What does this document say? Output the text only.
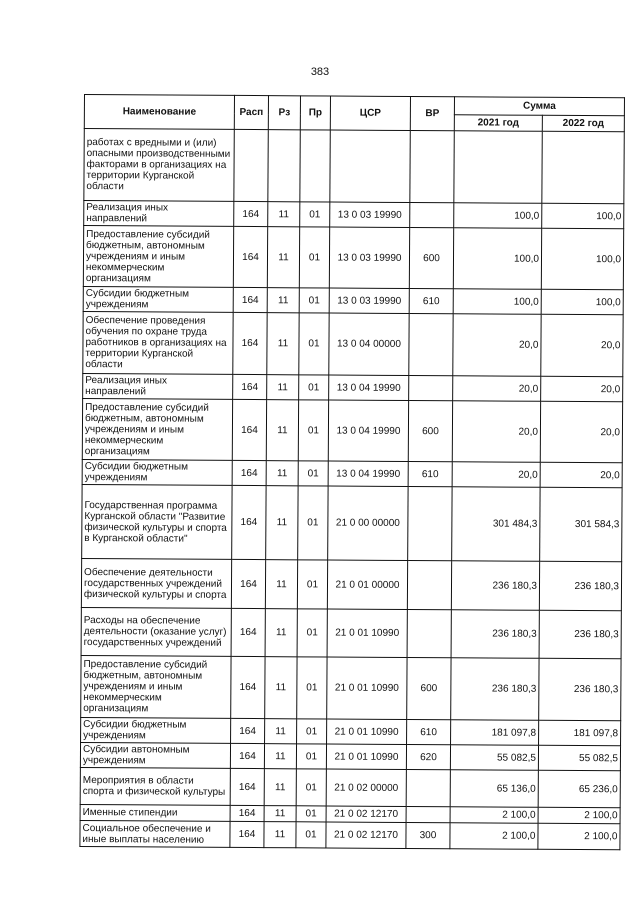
383
Наименование	Расп	Рз	Пр	ЦСР	ВР	Сумма	
						2021 год	2022 год
работах с вредными и (или) опасными производственными факторами в организациях на территории Курганской области							
Реализация иных направлений	164	11	01	13 0 03 19990		100,0	100,0
Предоставление субсидий бюджетным, автономным учреждениям и иным некоммерческим организациям	164	11	01	13 0 03 19990	600	100,0	100,0
Субсидии бюджетным учреждениям	164	11	01	13 0 03 19990	610	100,0	100,0
Обеспечение проведения обучения по охране труда работников в организациях на территории Курганской области	164	11	01	13 0 04 00000		20,0	20,0
Реализация иных направлений	164	11	01	13 0 04 19990		20,0	20,0
Предоставление субсидий бюджетным, автономным учреждениям и иным некоммерческим организациям	164	11	01	13 0 04 19990	600	20,0	20,0
Субсидии бюджетным учреждениям	164	11	01	13 0 04 19990	610	20,0	20,0
Государственная программа Курганской области "Развитие физической культуры и спорта в Курганской области"	164	11	01	21 0 00 00000		301 484,3	301 584,3
Обеспечение деятельности государственных учреждений физической культуры и спорта	164	11	01	21 0 01 00000		236 180,3	236 180,3
Расходы на обеспечение деятельности (оказание услуг) государственных учреждений	164	11	01	21 0 01 10990		236 180,3	236 180,3
Предоставление субсидий бюджетным, автономным учреждениям и иным некоммерческим организациям	164	11	01	21 0 01 10990	600	236 180,3	236 180,3
Субсидии бюджетным учреждениям	164	11	01	21 0 01 10990	610	181 097,8	181 097,8
Субсидии автономным учреждениям	164	11	01	21 0 01 10990	620	55 082,5	55 082,5
Мероприятия в области спорта и физической культуры	164	11	01	21 0 02 00000		65 136,0	65 236,0
Именные стипендии	164	11	01	21 0 02 12170		2 100,0	2 100,0
Социальное обеспечение и иные выплаты населению	164	11	01	21 0 02 12170	300	2 100,0	2 100,0
